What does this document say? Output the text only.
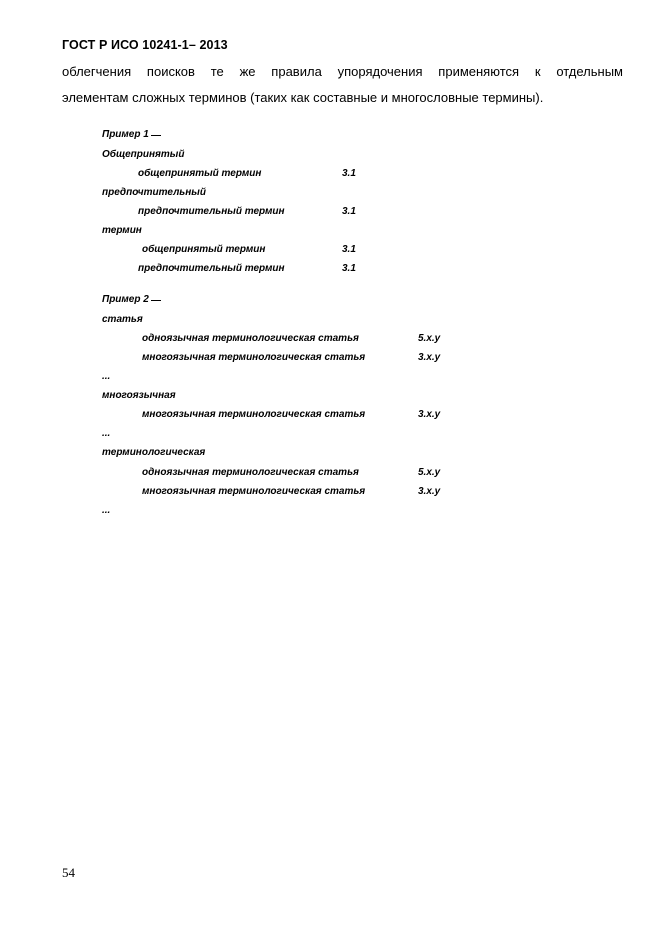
ГОСТ Р ИСО 10241-1– 2013
облегчения поисков те же правила упорядочения применяются к отдельным
элементам сложных терминов (таких как составные и многословные термины).
Пример 1
Общепринятый
общепринятый термин	3.1
предпочтительный
предпочтительный термин	3.1
термин
общепринятый термин	3.1
предпочтительный термин	3.1
Пример 2
статья
одноязычная терминологическая статья	5.x.y
многоязычная терминологическая статья	3.x.y
...
многоязычная
многоязычная терминологическая статья	3.x.y
...
терминологическая
одноязычная терминологическая статья	5.x.y
многоязычная терминологическая статья	3.x.y
...
54
